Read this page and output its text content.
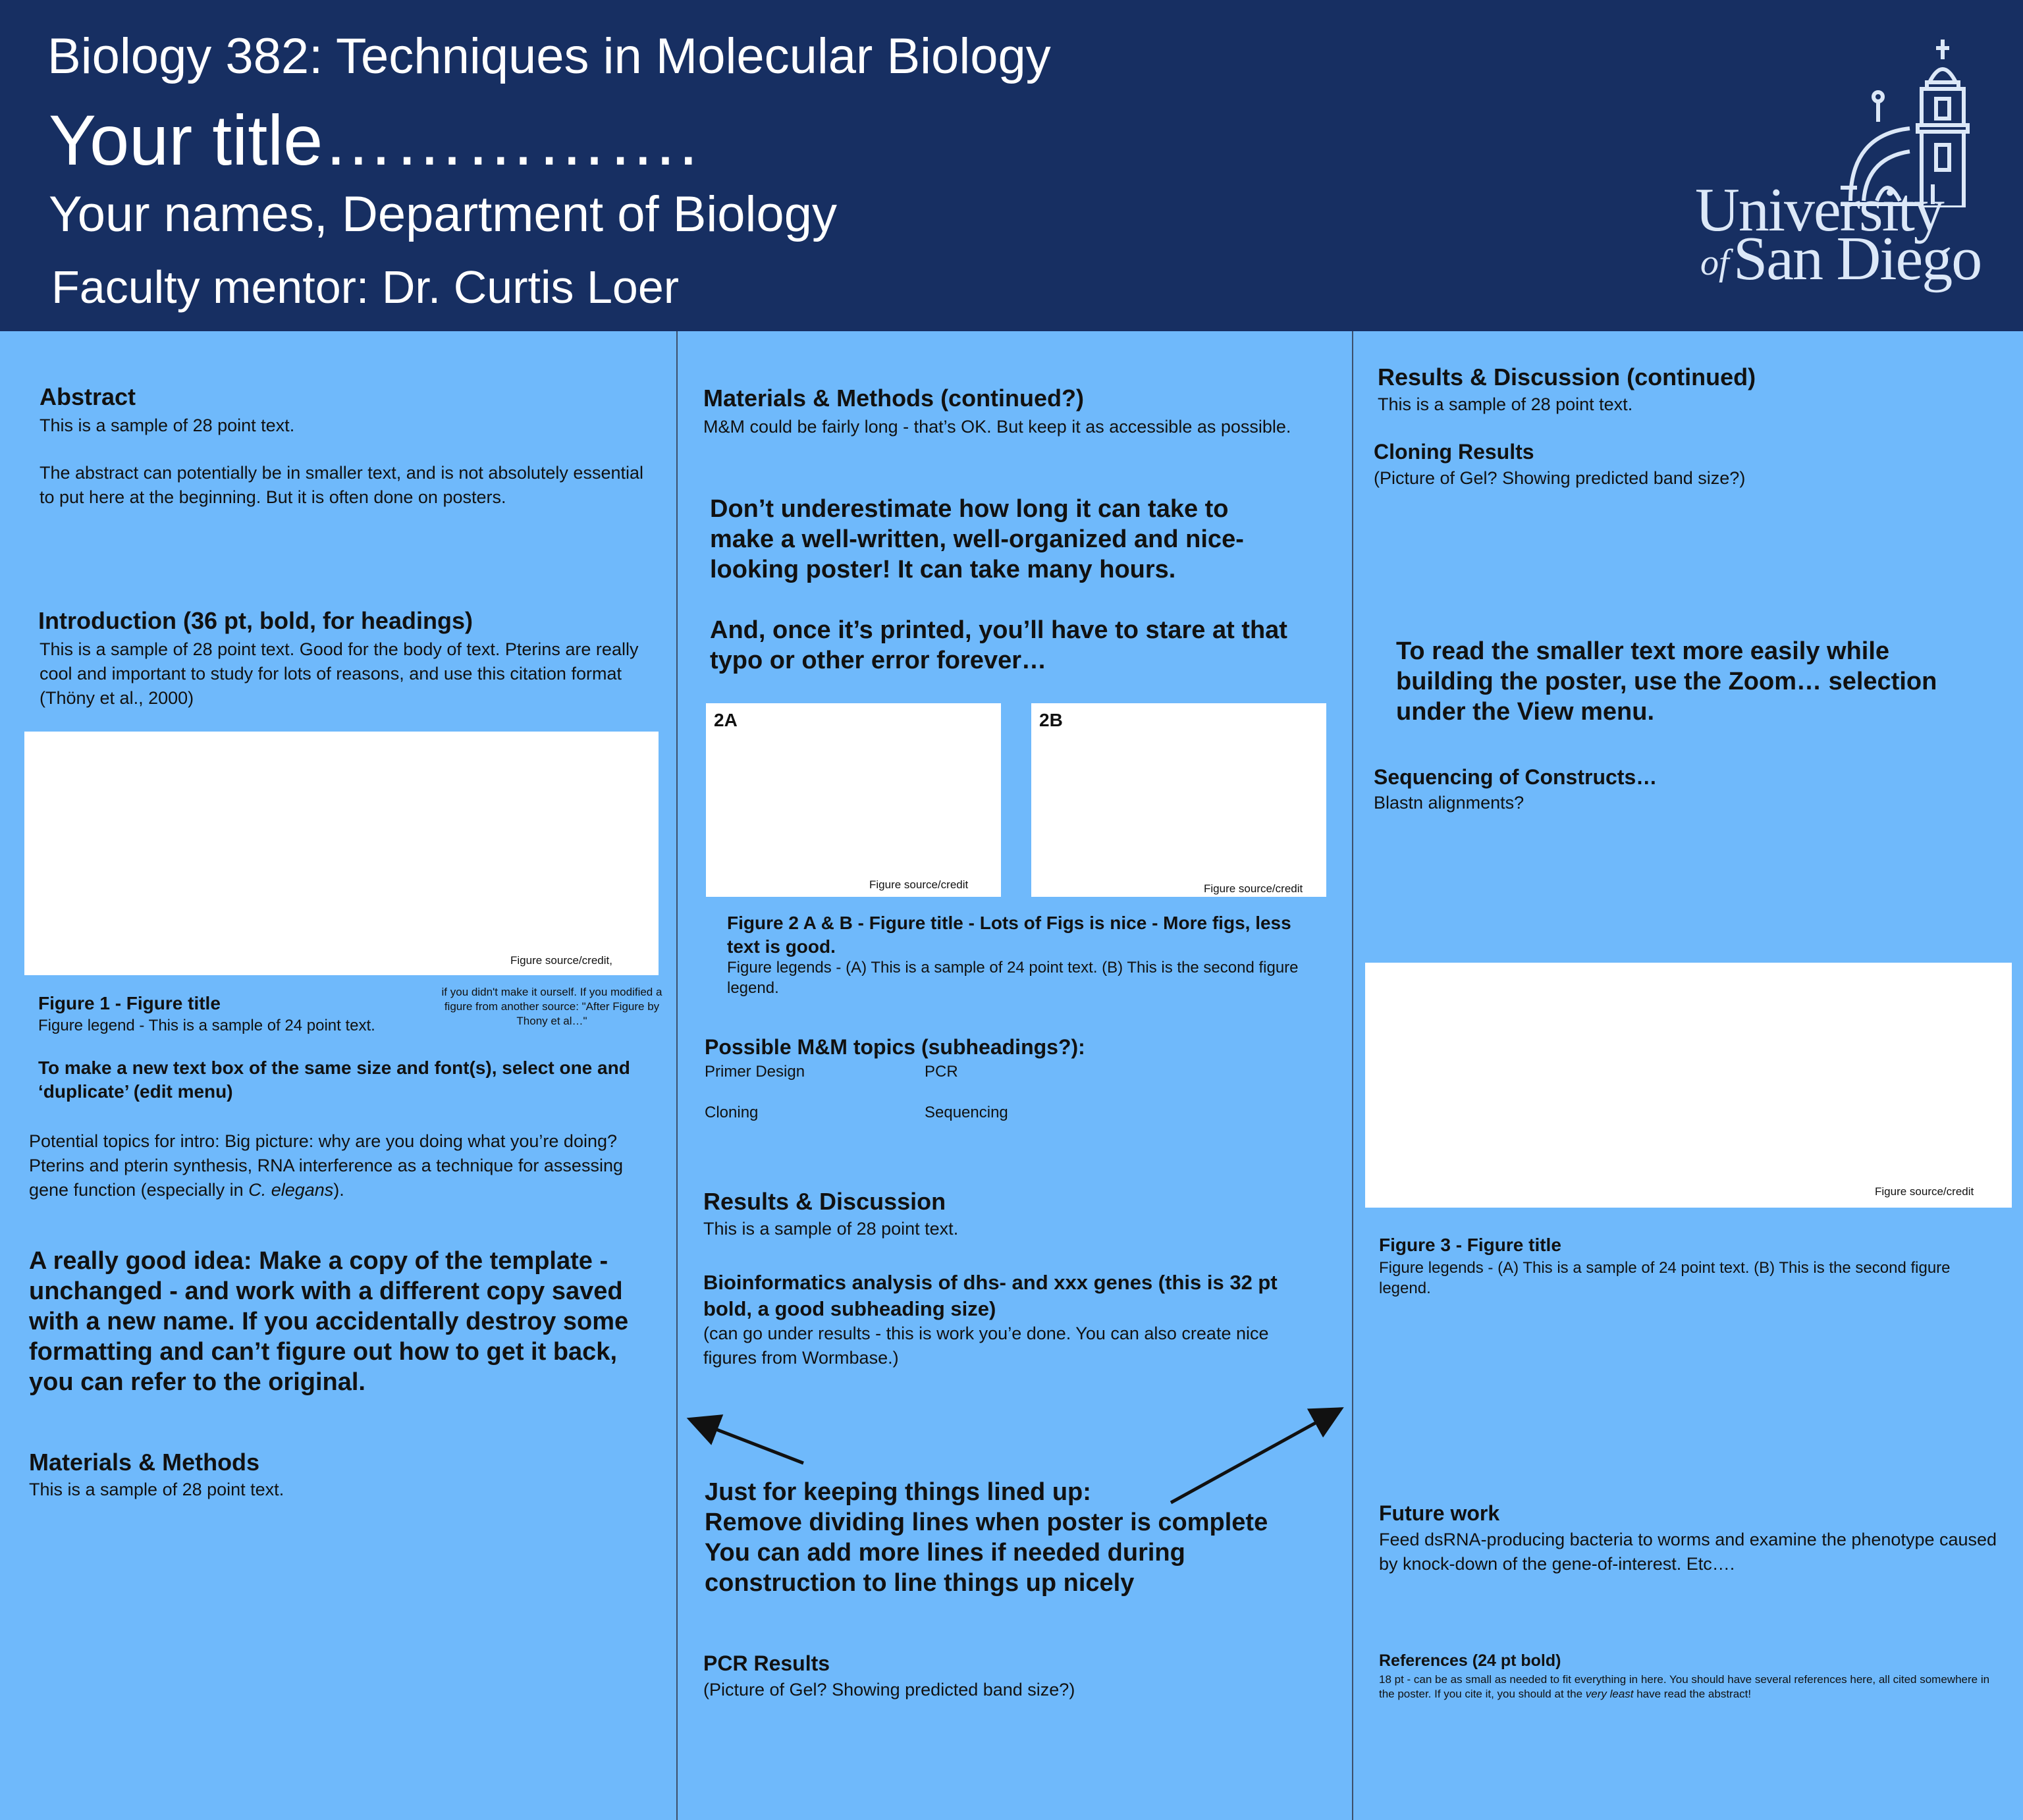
Biology 382: Techniques in Molecular Biology
Your title…………….
Your names, Department of Biology
Faculty mentor: Dr. Curtis Loer
University
of San Diego
Abstract
This is a sample of 28 point text.
The abstract can potentially be in smaller text, and is not absolutely essential to put here at the beginning. But it is often done on posters.
Introduction (36 pt, bold, for headings)
This is a sample of 28 point text. Good for the body of text. Pterins are really cool and important to study for lots of reasons, and use this citation format (Thöny et al., 2000)
Figure source/credit,
if you didn't make it ourself. If you modified a figure from another source: "After Figure by Thony et al…"
Figure 1 - Figure title
Figure legend - This is a sample of 24 point text.
To make a new text box of the same size and font(s), select one and ‘duplicate’ (edit menu)
Potential topics for intro: Big picture: why are you doing what you’re doing? Pterins and pterin synthesis, RNA interference as a technique for assessing gene function (especially in C. elegans).
A really good idea: Make a copy of the template - unchanged - and work with a different copy saved with a new name. If you accidentally destroy some formatting and can’t figure out how to get it back, you can refer to the original.
Materials & Methods
This is a sample of 28 point text.
Materials & Methods (continued?)
M&M could be fairly long - that’s OK. But keep it as accessible as possible.
Don’t underestimate how long it can take to make a well-written, well-organized and nice-looking poster! It can take many hours.
And, once it’s printed, you’ll have to stare at that typo or other error forever…
2A
Figure source/credit
2B
Figure source/credit
Figure 2 A & B - Figure title - Lots of Figs is nice - More figs, less text is good.
Figure legends - (A) This is a sample of 24 point text. (B) This is the second figure legend.
Possible M&M topics (subheadings?):
Primer Design	PCR
Cloning	Sequencing
Results & Discussion
This is a sample of 28 point text.
Bioinformatics analysis of dhs- and xxx genes (this is 32 pt bold, a good subheading size)
(can go under results - this is work you’e done. You can also create nice figures from Wormbase.)
Just for keeping things lined up:
Remove dividing lines when poster is complete
You can add more lines if needed during construction to line things up nicely
PCR Results
(Picture of Gel? Showing predicted band size?)
Results & Discussion (continued)
This is a sample of 28 point text.
Cloning Results
(Picture of Gel? Showing predicted band size?)
To read the smaller text more easily while building the poster, use the Zoom… selection under the View menu.
Sequencing of Constructs…
Blastn alignments?
Figure source/credit
Figure 3 - Figure title
Figure legends - (A) This is a sample of 24 point text. (B) This is the second figure legend.
Future work
Feed dsRNA-producing bacteria to worms and examine the phenotype caused by knock-down of the gene-of-interest. Etc….
References (24 pt bold)
18 pt - can be as small as needed to fit everything in here. You should have several references here, all cited somewhere in the poster. If you cite it, you should at the very least have read the abstract!
